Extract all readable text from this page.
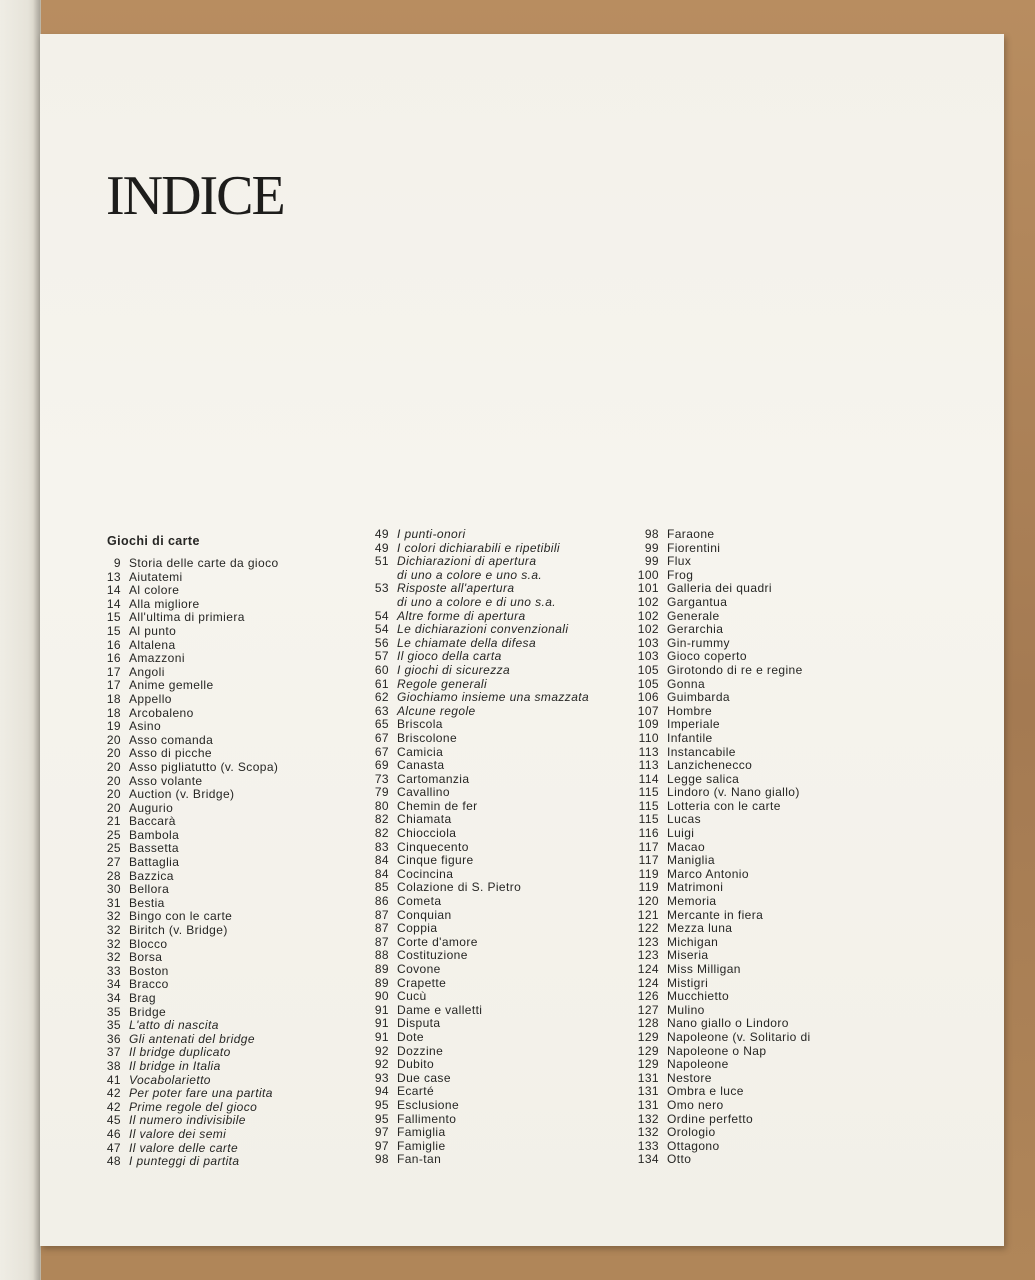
INDICE
Giochi di carte
9 Storia delle carte da gioco
13 Aiutatemi
14 Al colore
14 Alla migliore
15 All'ultima di primiera
15 Al punto
16 Altalena
16 Amazzoni
17 Angoli
17 Anime gemelle
18 Appello
18 Arcobaleno
19 Asino
20 Asso comanda
20 Asso di picche
20 Asso pigliatutto (v. Scopa)
20 Asso volante
20 Auction (v. Bridge)
20 Augurio
21 Baccarà
25 Bambola
25 Bassetta
27 Battaglia
28 Bazzica
30 Bellora
31 Bestia
32 Bingo con le carte
32 Biritch (v. Bridge)
32 Blocco
32 Borsa
33 Boston
34 Bracco
34 Brag
35 Bridge
35 L'atto di nascita
36 Gli antenati del bridge
37 Il bridge duplicato
38 Il bridge in Italia
41 Vocabolarietto
42 Per poter fare una partita
42 Prime regole del gioco
45 Il numero indivisibile
46 Il valore dei semi
47 Il valore delle carte
48 I punteggi di partita
49 I punti-onori
49 I colori dichiarabili e ripetibili
51 Dichiarazioni di apertura
di uno a colore e uno s.a.
53 Risposte all'apertura
di uno a colore e di uno s.a.
54 Altre forme di apertura
54 Le dichiarazioni convenzionali
56 Le chiamate della difesa
57 Il gioco della carta
60 I giochi di sicurezza
61 Regole generali
62 Giochiamo insieme una smazzata
63 Alcune regole
65 Briscola
67 Briscolone
67 Camicia
69 Canasta
73 Cartomanzia
79 Cavallino
80 Chemin de fer
82 Chiamata
82 Chiocciola
83 Cinquecento
84 Cinque figure
84 Cocincina
85 Colazione di S. Pietro
86 Cometa
87 Conquian
87 Coppia
87 Corte d'amore
88 Costituzione
89 Covone
89 Crapette
90 Cucù
91 Dame e valletti
91 Disputa
91 Dote
92 Dozzine
92 Dubito
93 Due case
94 Ecarté
95 Esclusione
95 Fallimento
97 Famiglia
97 Famiglie
98 Fan-tan
98 Faraone
99 Fiorentini
99 Flux
100 Frog
101 Galleria dei quadri
102 Gargantua
102 Generale
102 Gerarchia
103 Gin-rummy
103 Gioco coperto
105 Girotondo di re e regine
105 Gonna
106 Guimbarda
107 Hombre
109 Imperiale
110 Infantile
113 Instancabile
113 Lanzichenecco
114 Legge salica
115 Lindoro (v. Nano giallo)
115 Lotteria con le carte
115 Lucas
116 Luigi
117 Macao
117 Maniglia
119 Marco Antonio
119 Matrimoni
120 Memoria
121 Mercante in fiera
122 Mezza luna
123 Michigan
123 Miseria
124 Miss Milligan
124 Mistigri
126 Mucchietto
127 Mulino
128 Nano giallo o Lindoro
129 Napoleone (v. Solitario di
129 Napoleone o Nap
129 Napoleone
131 Nestore
131 Ombra e luce
131 Omo nero
132 Ordine perfetto
132 Orologio
133 Ottagono
134 Otto
